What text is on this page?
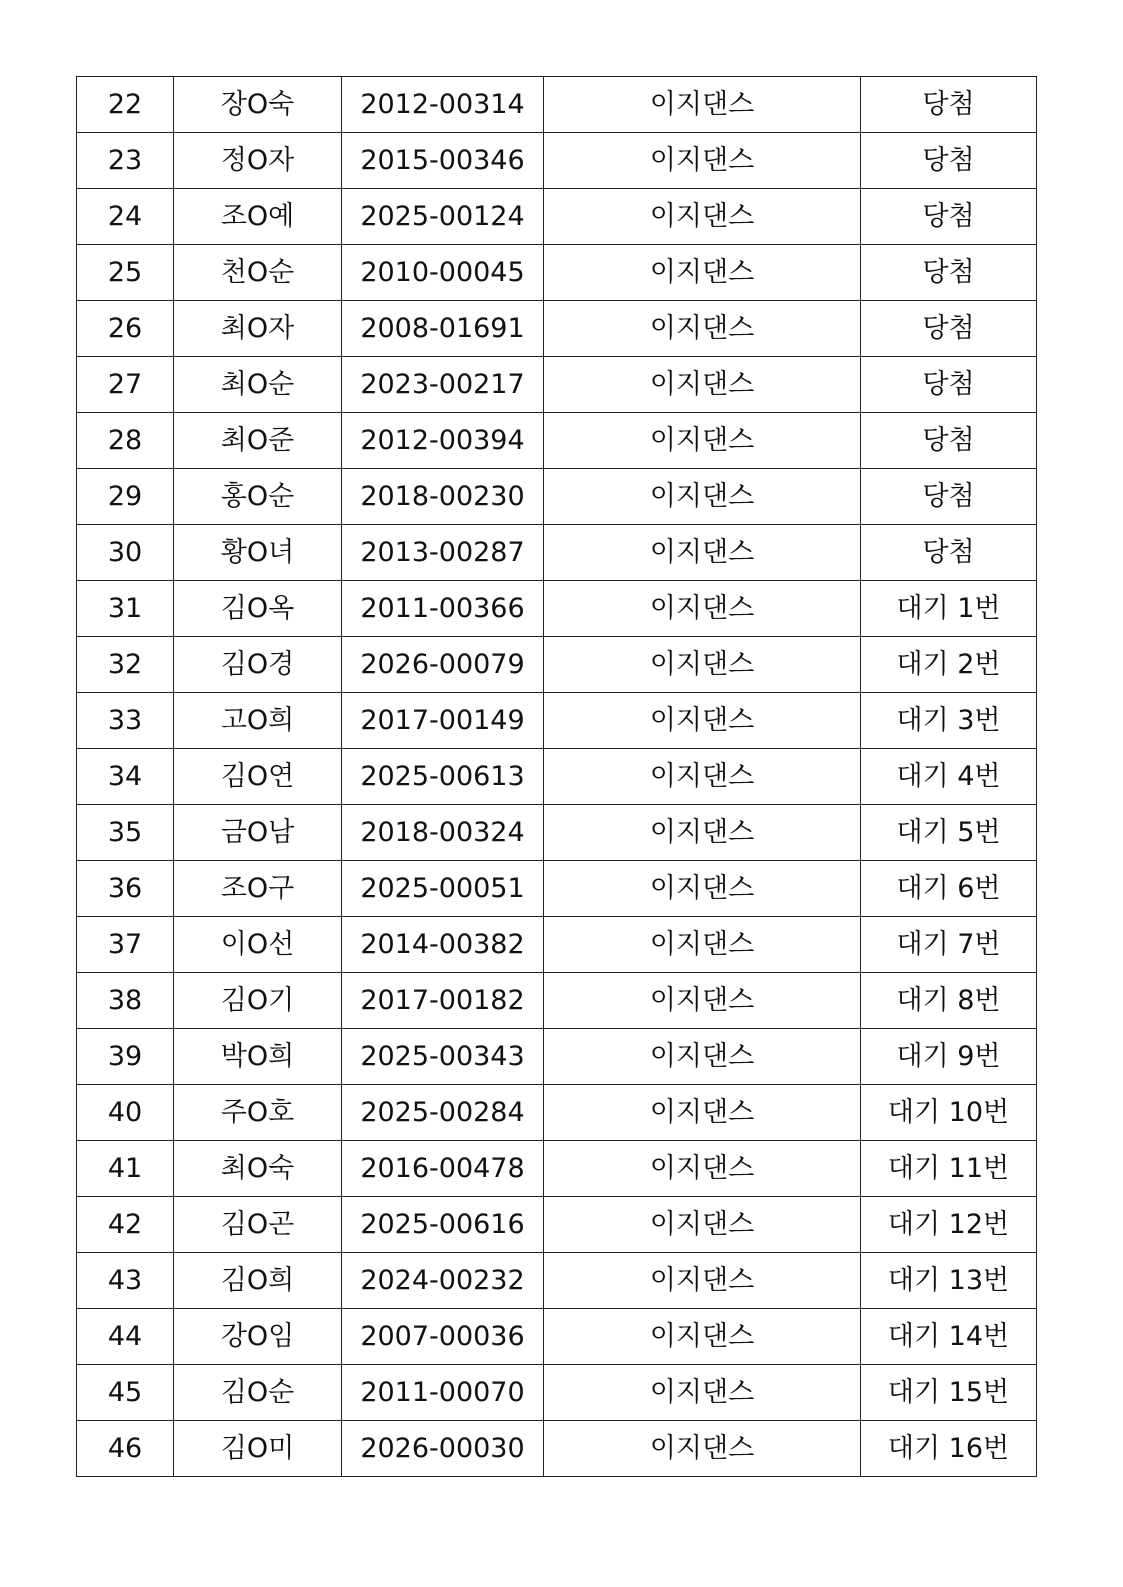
22	장O숙	2012-00314	이지댄스	당첨
23	정O자	2015-00346	이지댄스	당첨
24	조O예	2025-00124	이지댄스	당첨
25	천O순	2010-00045	이지댄스	당첨
26	최O자	2008-01691	이지댄스	당첨
27	최O순	2023-00217	이지댄스	당첨
28	최O준	2012-00394	이지댄스	당첨
29	홍O순	2018-00230	이지댄스	당첨
30	황O녀	2013-00287	이지댄스	당첨
31	김O옥	2011-00366	이지댄스	대기 1번
32	김O경	2026-00079	이지댄스	대기 2번
33	고O희	2017-00149	이지댄스	대기 3번
34	김O연	2025-00613	이지댄스	대기 4번
35	금O남	2018-00324	이지댄스	대기 5번
36	조O구	2025-00051	이지댄스	대기 6번
37	이O선	2014-00382	이지댄스	대기 7번
38	김O기	2017-00182	이지댄스	대기 8번
39	박O희	2025-00343	이지댄스	대기 9번
40	주O호	2025-00284	이지댄스	대기 10번
41	최O숙	2016-00478	이지댄스	대기 11번
42	김O곤	2025-00616	이지댄스	대기 12번
43	김O희	2024-00232	이지댄스	대기 13번
44	강O임	2007-00036	이지댄스	대기 14번
45	김O순	2011-00070	이지댄스	대기 15번
46	김O미	2026-00030	이지댄스	대기 16번
